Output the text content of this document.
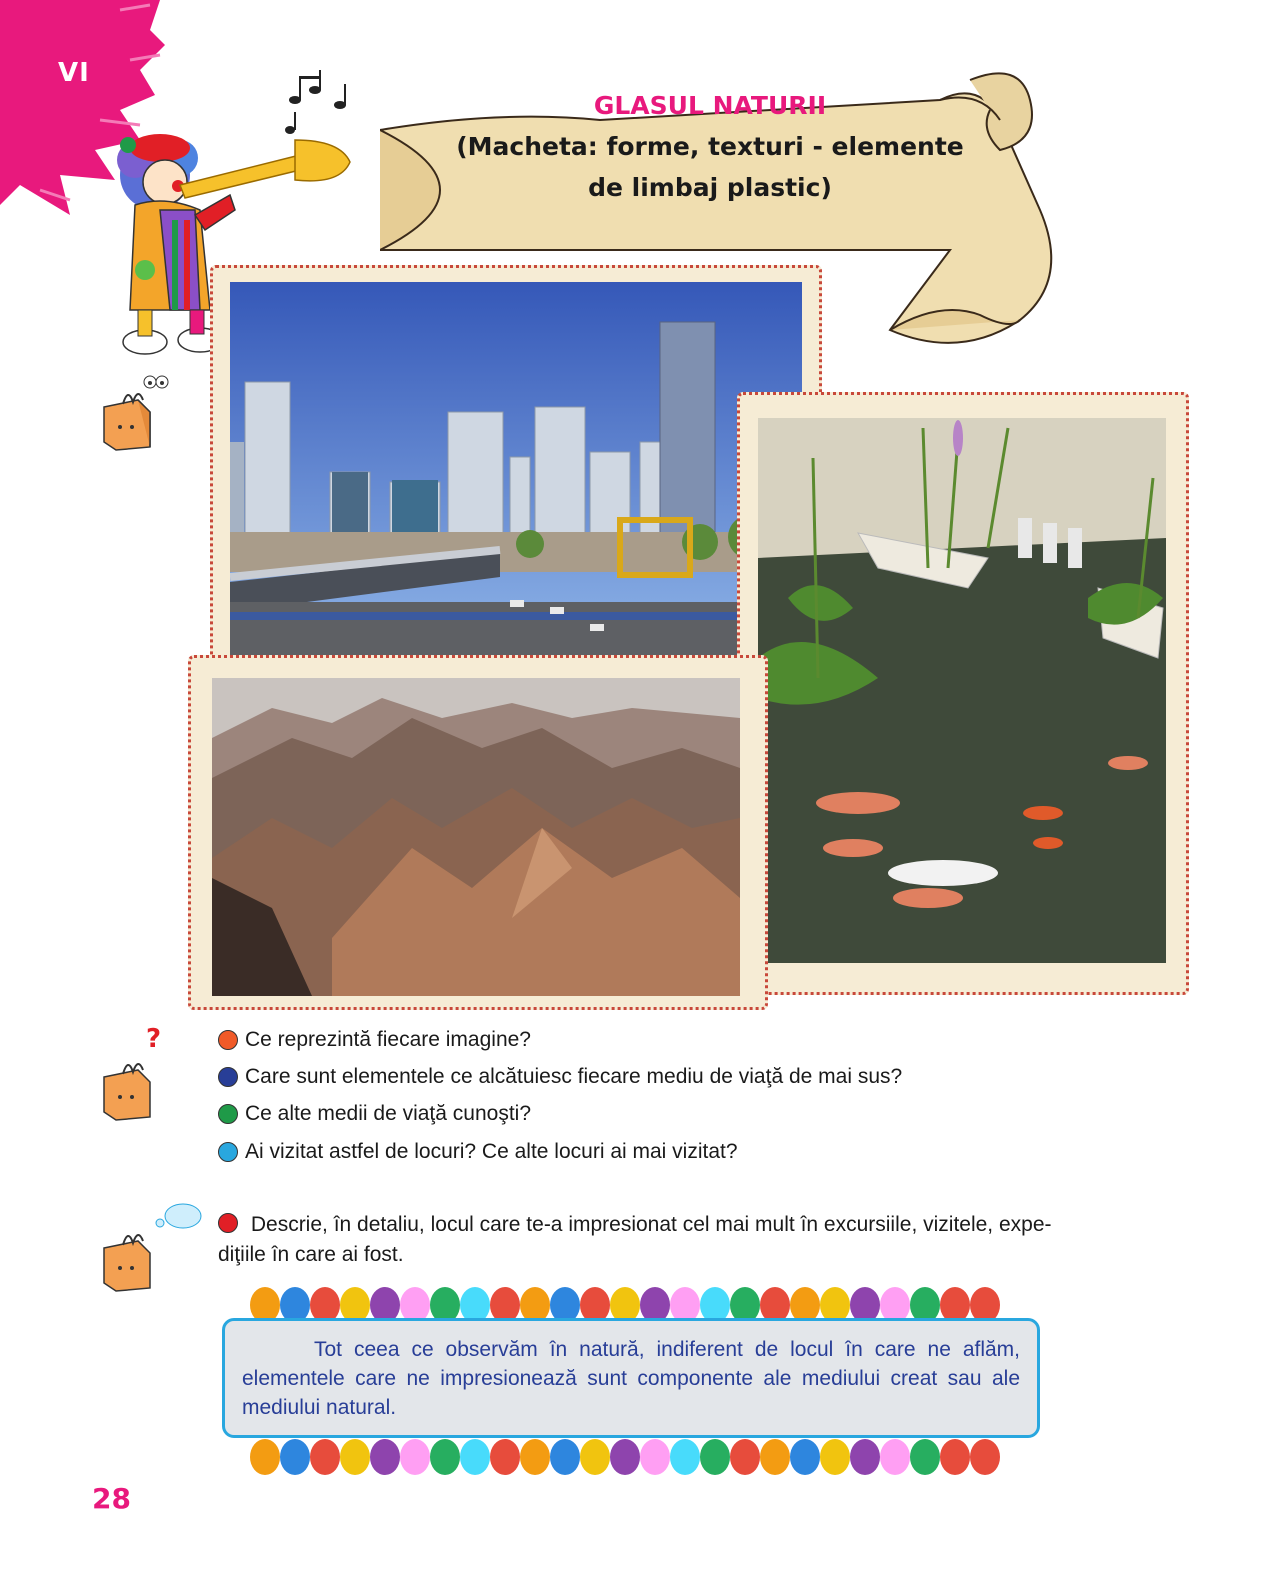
VI
GLASUL NATURII
(Macheta: forme, texturi - elemente
de limbaj plastic)
?	Ce reprezintă fiecare imagine?
Care sunt elementele ce alcătuiesc fiecare mediu de viaţă de mai sus?
Ce alte medii de viaţă cunoşti?
Ai vizitat astfel de locuri? Ce alte locuri ai mai vizitat?
Descrie, în detaliu, locul care te-a impresionat cel mai mult în excursiile, vizitele, expe-
diţiile în care ai fost.
Tot ceea ce observăm în natură, indiferent de locul în care ne aflăm, elementele care ne impresionează sunt componente ale mediului creat sau ale mediului natural.
28
